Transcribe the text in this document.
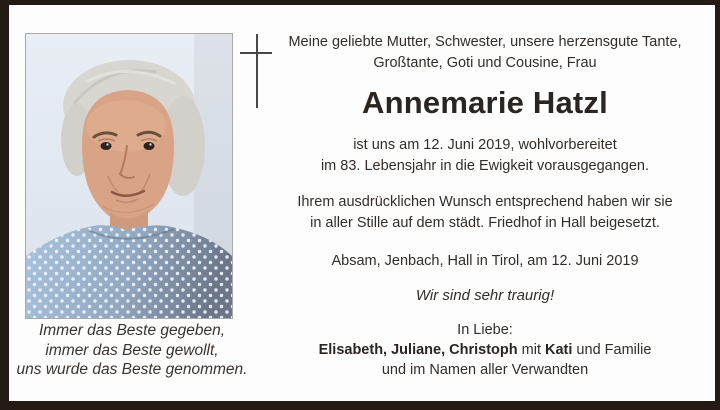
Immer das Beste gegeben,
immer das Beste gewollt,
uns wurde das Beste genommen.
Meine geliebte Mutter, Schwester, unsere herzensgute Tante,
Großtante, Goti und Cousine, Frau
Annemarie Hatzl
ist uns am 12. Juni 2019, wohlvorbereitet
im 83. Lebensjahr in die Ewigkeit vorausgegangen.
Ihrem ausdrücklichen Wunsch entsprechend haben wir sie
in aller Stille auf dem städt. Friedhof in Hall beigesetzt.
Absam, Jenbach, Hall in Tirol, am 12. Juni 2019
Wir sind sehr traurig!
In Liebe:
Elisabeth, Juliane, Christoph mit Kati und Familie
und im Namen aller Verwandten
